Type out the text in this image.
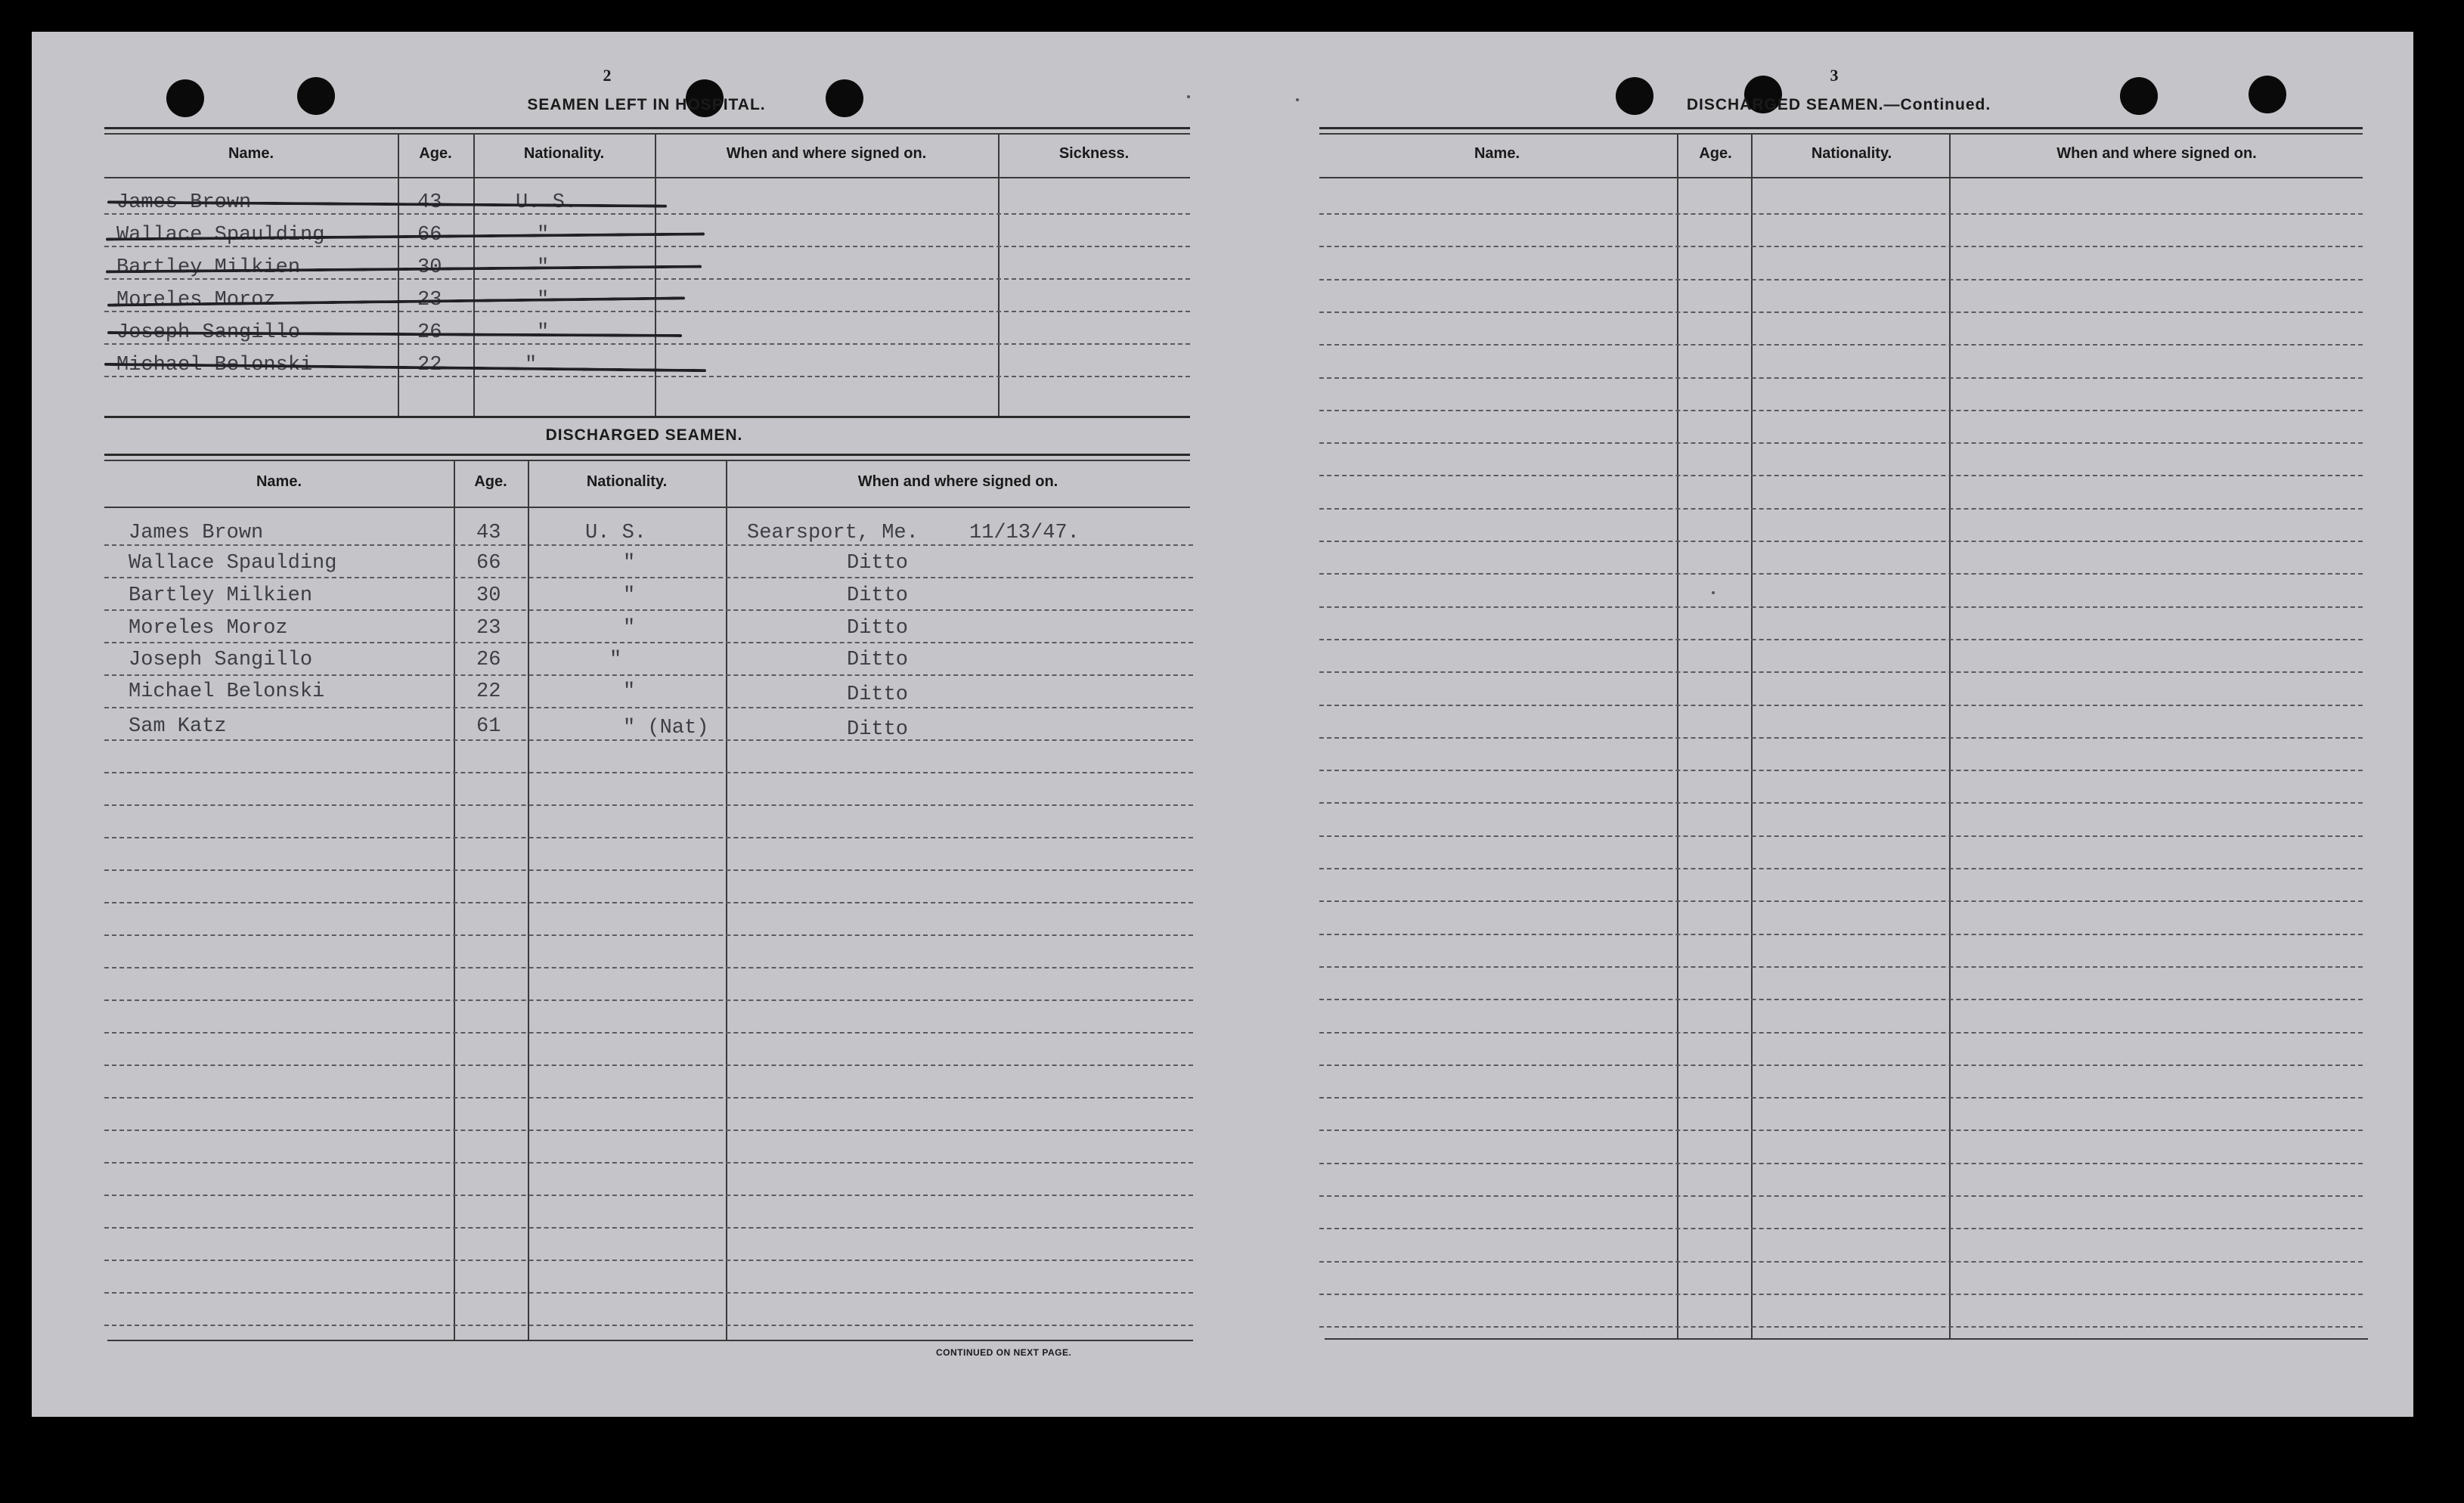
2
SEAMEN LEFT IN HOSPITAL.
Name.	Age.	Nationality.	When and where signed on.	Sickness.
James Brown	43	U. S.
Wallace Spaulding	66	"
Bartley Milkien	30	"
Moreles Moroz	23	"
Joseph Sangillo	26	"
Michael Belonski	22	"
DISCHARGED SEAMEN.
Name.	Age.	Nationality.	When and where signed on.
James Brown	43	U. S.	Searsport, Me. 11/13/47.
Wallace Spaulding	66	"	Ditto
Bartley Milkien	30	"	Ditto
Moreles Moroz	23	"	Ditto
Joseph Sangillo	26	"	Ditto
Michael Belonski	22	"	Ditto
Sam Katz	61	" (Nat)	Ditto
CONTINUED ON NEXT PAGE.
3
DISCHARGED SEAMEN.—Continued.
Name.	Age.	Nationality.	When and where signed on.
